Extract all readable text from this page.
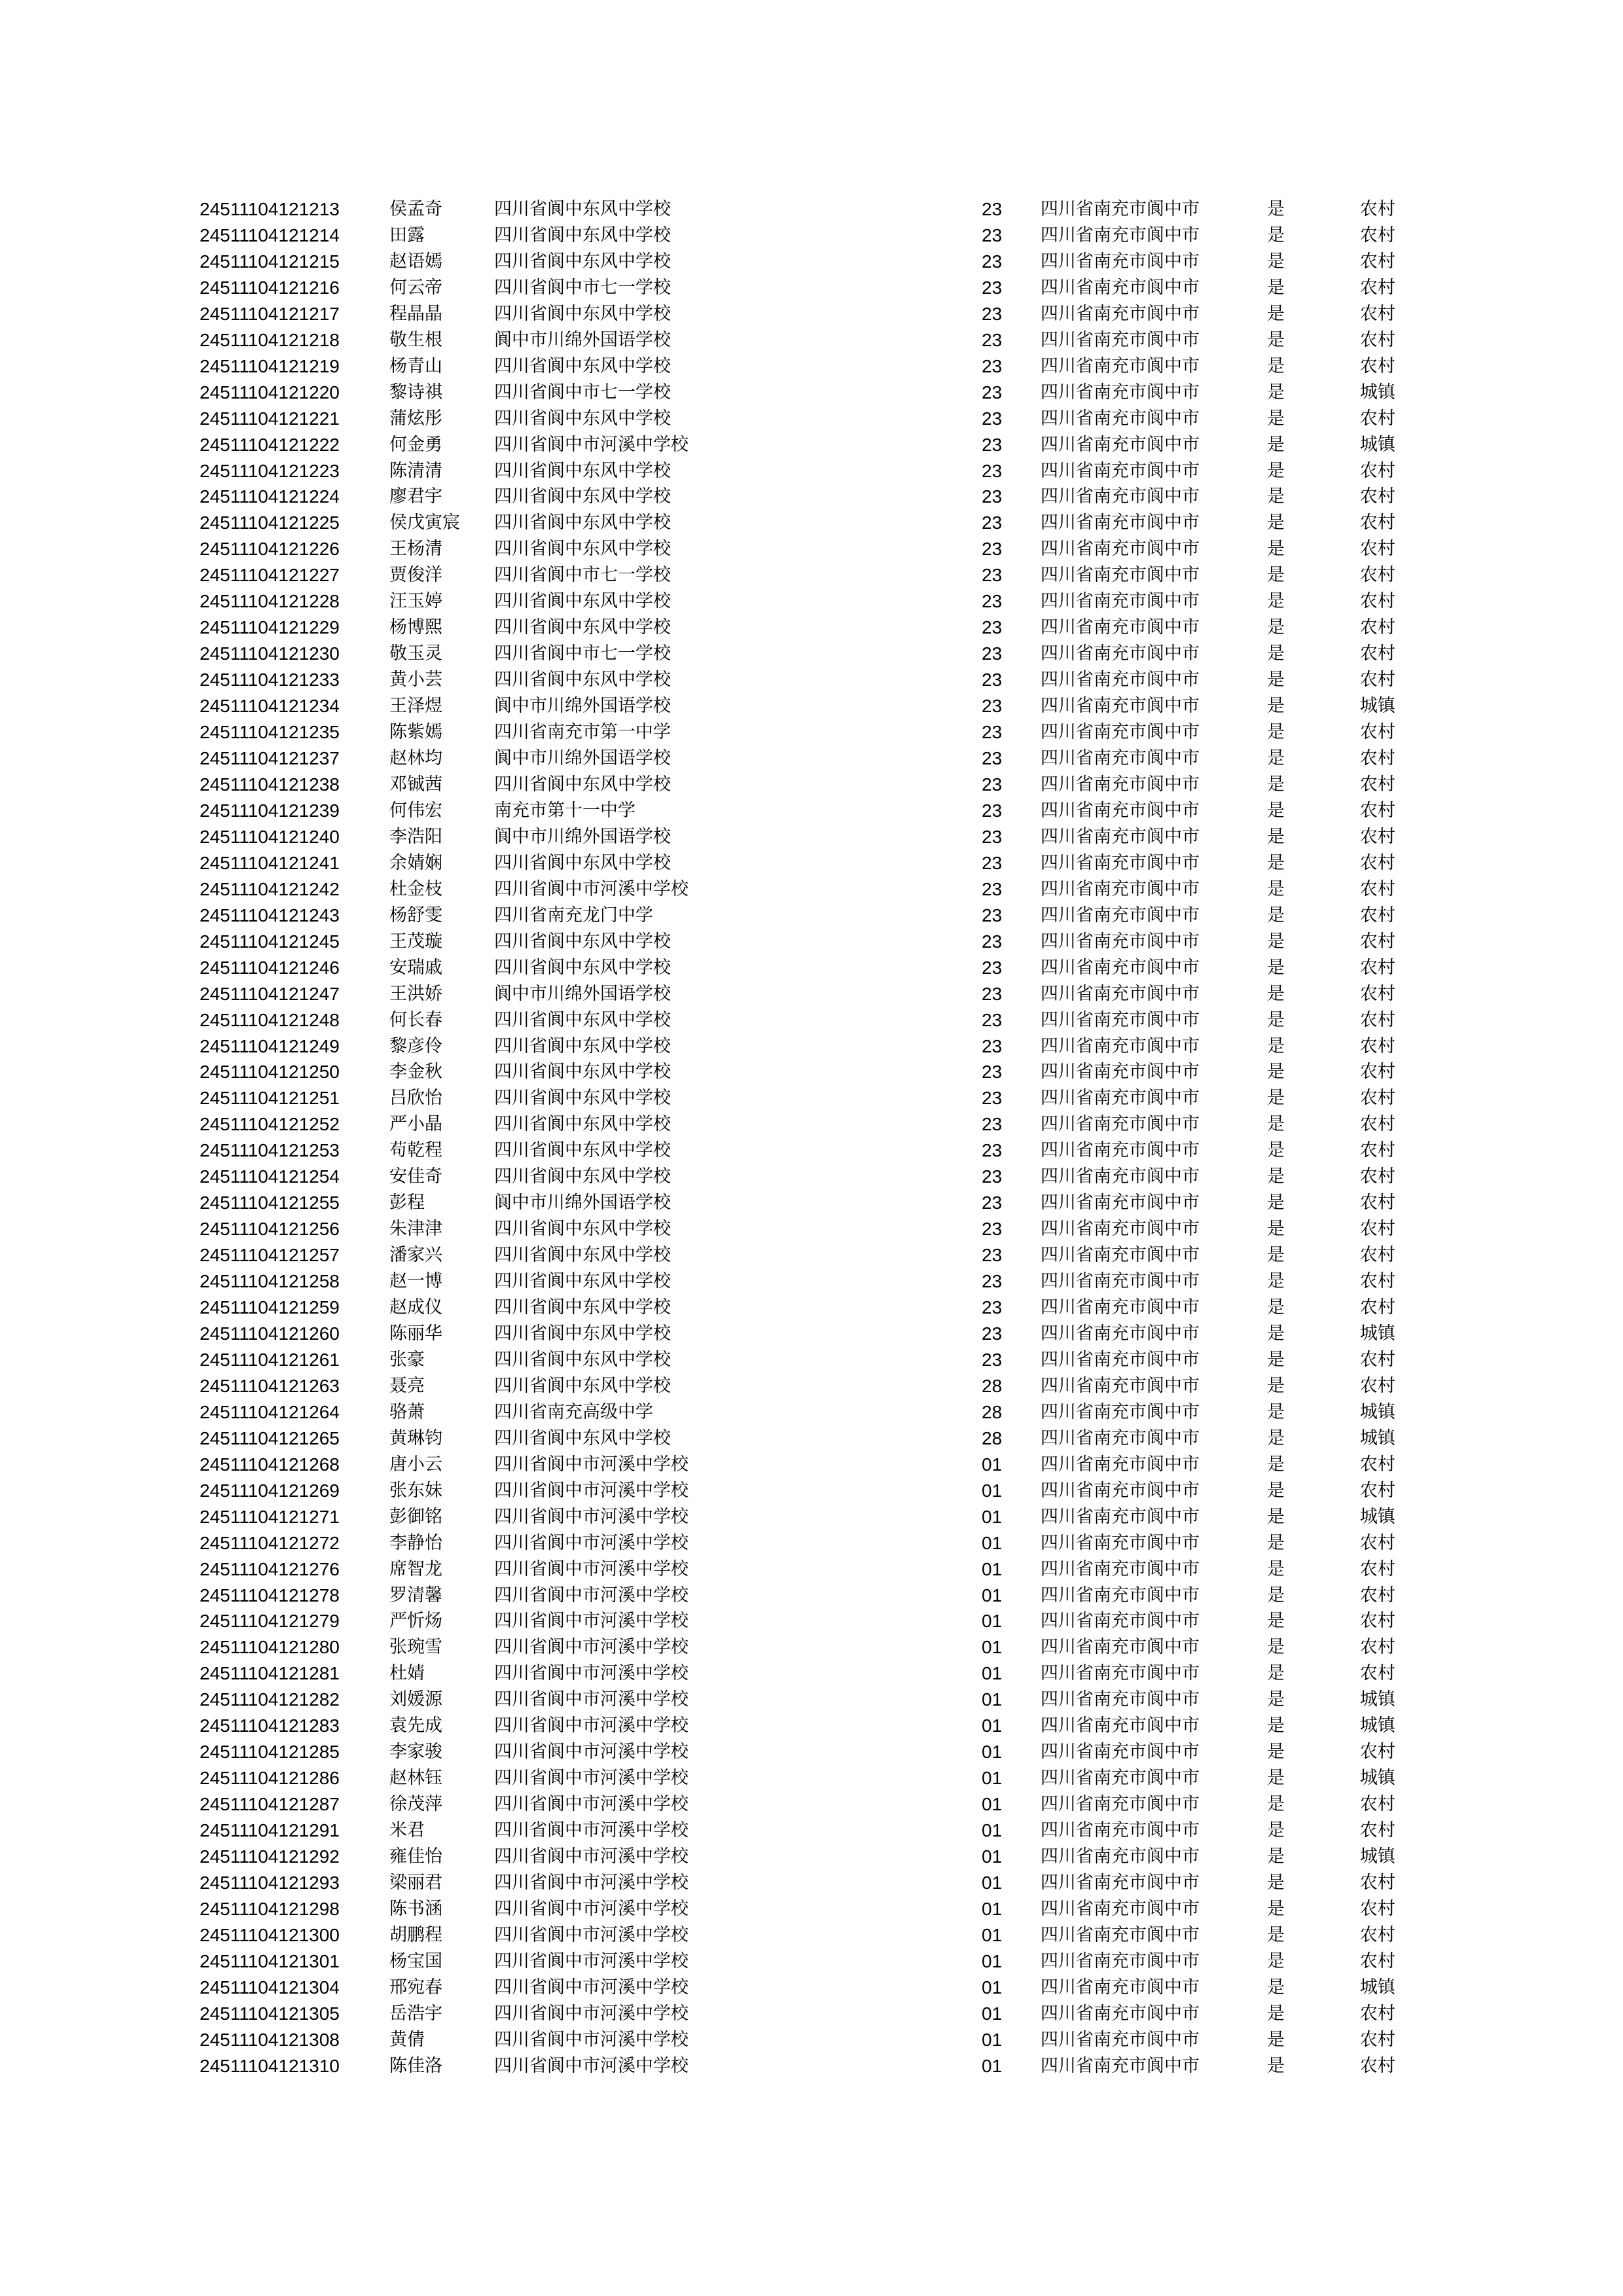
24511104121213	侯孟奇	四川省阆中东风中学校	23 四川省南充市阆中市	是	农村
24511104121214	田露	四川省阆中东风中学校	23 四川省南充市阆中市	是	农村
24511104121215	赵语嫣	四川省阆中东风中学校	23 四川省南充市阆中市	是	农村
24511104121216	何云帝	四川省阆中市七一学校	23 四川省南充市阆中市	是	农村
24511104121217	程晶晶	四川省阆中东风中学校	23 四川省南充市阆中市	是	农村
24511104121218	敬生根	阆中市川绵外国语学校	23 四川省南充市阆中市	是	农村
24511104121219	杨青山	四川省阆中东风中学校	23 四川省南充市阆中市	是	农村
24511104121220	黎诗祺	四川省阆中市七一学校	23 四川省南充市阆中市	是	城镇
24511104121221	蒲炫彤	四川省阆中东风中学校	23 四川省南充市阆中市	是	农村
24511104121222	何金勇	四川省阆中市河溪中学校	23 四川省南充市阆中市	是	城镇
24511104121223	陈清清	四川省阆中东风中学校	23 四川省南充市阆中市	是	农村
24511104121224	廖君宇	四川省阆中东风中学校	23 四川省南充市阆中市	是	农村
24511104121225	侯戊寅宸 四川省阆中东风中学校	23 四川省南充市阆中市	是	农村
24511104121226	王杨清	四川省阆中东风中学校	23 四川省南充市阆中市	是	农村
24511104121227	贾俊洋	四川省阆中市七一学校	23 四川省南充市阆中市	是	农村
24511104121228	汪玉婷	四川省阆中东风中学校	23 四川省南充市阆中市	是	农村
24511104121229	杨博熙	四川省阆中东风中学校	23 四川省南充市阆中市	是	农村
24511104121230	敬玉灵	四川省阆中市七一学校	23 四川省南充市阆中市	是	农村
24511104121233	黄小芸	四川省阆中东风中学校	23 四川省南充市阆中市	是	农村
24511104121234	王泽煜	阆中市川绵外国语学校	23 四川省南充市阆中市	是	城镇
24511104121235	陈紫嫣	四川省南充市第一中学	23 四川省南充市阆中市	是	农村
24511104121237	赵林均	阆中市川绵外国语学校	23 四川省南充市阆中市	是	农村
24511104121238	邓铖茜	四川省阆中东风中学校	23 四川省南充市阆中市	是	农村
24511104121239	何伟宏	南充市第十一中学	23 四川省南充市阆中市	是	农村
24511104121240	李浩阳	阆中市川绵外国语学校	23 四川省南充市阆中市	是	农村
24511104121241	余婧娴	四川省阆中东风中学校	23 四川省南充市阆中市	是	农村
24511104121242	杜金枝	四川省阆中市河溪中学校	23 四川省南充市阆中市	是	农村
24511104121243	杨舒雯	四川省南充龙门中学	23 四川省南充市阆中市	是	农村
24511104121245	王茂璇	四川省阆中东风中学校	23 四川省南充市阆中市	是	农村
24511104121246	安瑞戚	四川省阆中东风中学校	23 四川省南充市阆中市	是	农村
24511104121247	王洪娇	阆中市川绵外国语学校	23 四川省南充市阆中市	是	农村
24511104121248	何长春	四川省阆中东风中学校	23 四川省南充市阆中市	是	农村
24511104121249	黎彦伶	四川省阆中东风中学校	23 四川省南充市阆中市	是	农村
24511104121250	李金秋	四川省阆中东风中学校	23 四川省南充市阆中市	是	农村
24511104121251	吕欣怡	四川省阆中东风中学校	23 四川省南充市阆中市	是	农村
24511104121252	严小晶	四川省阆中东风中学校	23 四川省南充市阆中市	是	农村
24511104121253	苟乾程	四川省阆中东风中学校	23 四川省南充市阆中市	是	农村
24511104121254	安佳奇	四川省阆中东风中学校	23 四川省南充市阆中市	是	农村
24511104121255	彭程	阆中市川绵外国语学校	23 四川省南充市阆中市	是	农村
24511104121256	朱津津	四川省阆中东风中学校	23 四川省南充市阆中市	是	农村
24511104121257	潘家兴	四川省阆中东风中学校	23 四川省南充市阆中市	是	农村
24511104121258	赵一博	四川省阆中东风中学校	23 四川省南充市阆中市	是	农村
24511104121259	赵成仪	四川省阆中东风中学校	23 四川省南充市阆中市	是	农村
24511104121260	陈丽华	四川省阆中东风中学校	23 四川省南充市阆中市	是	城镇
24511104121261	张豪	四川省阆中东风中学校	23 四川省南充市阆中市	是	农村
24511104121263	聂亮	四川省阆中东风中学校	28 四川省南充市阆中市	是	农村
24511104121264	骆萧	四川省南充高级中学	28 四川省南充市阆中市	是	城镇
24511104121265	黄琳钧	四川省阆中东风中学校	28 四川省南充市阆中市	是	城镇
24511104121268	唐小云	四川省阆中市河溪中学校	01 四川省南充市阆中市	是	农村
24511104121269	张东妹	四川省阆中市河溪中学校	01 四川省南充市阆中市	是	农村
24511104121271	彭御铭	四川省阆中市河溪中学校	01 四川省南充市阆中市	是	城镇
24511104121272	李静怡	四川省阆中市河溪中学校	01 四川省南充市阆中市	是	农村
24511104121276	席智龙	四川省阆中市河溪中学校	01 四川省南充市阆中市	是	农村
24511104121278	罗清馨	四川省阆中市河溪中学校	01 四川省南充市阆中市	是	农村
24511104121279	严忻炀	四川省阆中市河溪中学校	01 四川省南充市阆中市	是	农村
24511104121280	张琬雪	四川省阆中市河溪中学校	01 四川省南充市阆中市	是	农村
24511104121281	杜婧	四川省阆中市河溪中学校	01 四川省南充市阆中市	是	农村
24511104121282	刘媛源	四川省阆中市河溪中学校	01 四川省南充市阆中市	是	城镇
24511104121283	袁先成	四川省阆中市河溪中学校	01 四川省南充市阆中市	是	城镇
24511104121285	李家骏	四川省阆中市河溪中学校	01 四川省南充市阆中市	是	农村
24511104121286	赵林钰	四川省阆中市河溪中学校	01 四川省南充市阆中市	是	城镇
24511104121287	徐茂萍	四川省阆中市河溪中学校	01 四川省南充市阆中市	是	农村
24511104121291	米君	四川省阆中市河溪中学校	01 四川省南充市阆中市	是	农村
24511104121292	雍佳怡	四川省阆中市河溪中学校	01 四川省南充市阆中市	是	城镇
24511104121293	梁丽君	四川省阆中市河溪中学校	01 四川省南充市阆中市	是	农村
24511104121298	陈书涵	四川省阆中市河溪中学校	01 四川省南充市阆中市	是	农村
24511104121300	胡鹏程	四川省阆中市河溪中学校	01 四川省南充市阆中市	是	农村
24511104121301	杨宝国	四川省阆中市河溪中学校	01 四川省南充市阆中市	是	农村
24511104121304	邢宛春	四川省阆中市河溪中学校	01 四川省南充市阆中市	是	城镇
24511104121305	岳浩宇	四川省阆中市河溪中学校	01 四川省南充市阆中市	是	农村
24511104121308	黄倩	四川省阆中市河溪中学校	01 四川省南充市阆中市	是	农村
24511104121310	陈佳洛	四川省阆中市河溪中学校	01 四川省南充市阆中市	是	农村
